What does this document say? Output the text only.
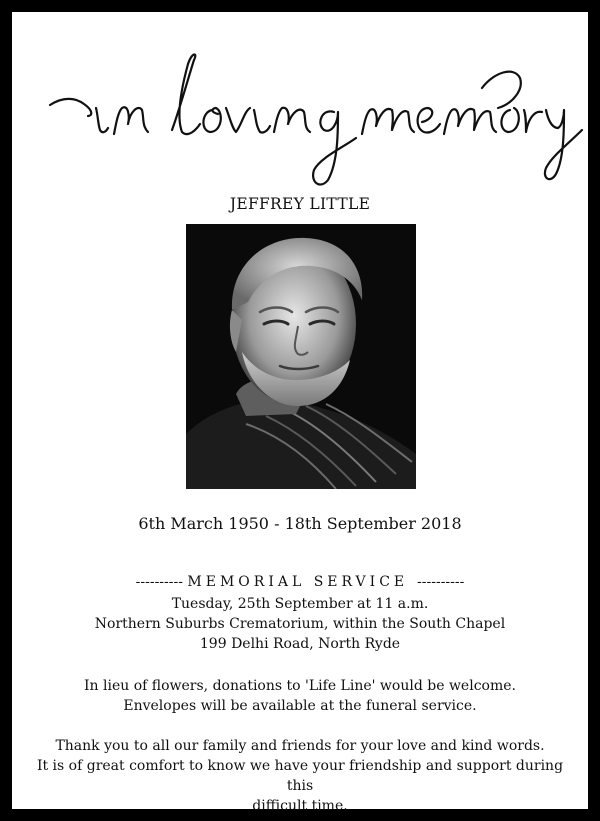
in loving memory
JEFFREY LITTLE
6th March 1950 - 18th September 2018
---------- MEMORIAL SERVICE ----------
Tuesday, 25th September at 11 a.m.
Northern Suburbs Crematorium, within the South Chapel
199 Delhi Road, North Ryde
In lieu of flowers, donations to 'Life Line' would be welcome.
Envelopes will be available at the funeral service.
Thank you to all our family and friends for your love and kind words.
It is of great comfort to know we have your friendship and support during this
difficult time.
